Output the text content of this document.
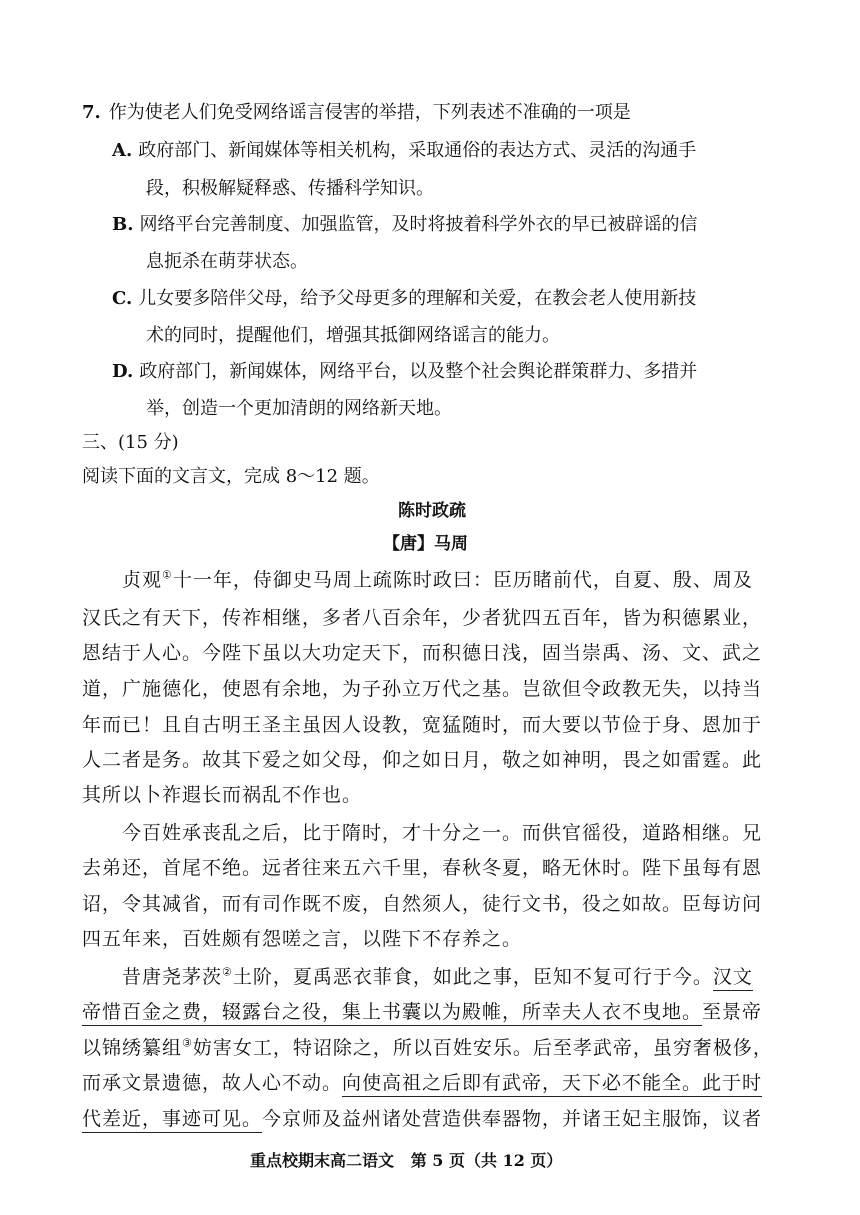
7. 作为使老人们免受网络谣言侵害的举措，下列表述不准确的一项是
A. 政府部门、新闻媒体等相关机构，采取通俗的表达方式、灵活的沟通手
段，积极解疑释惑、传播科学知识。
B. 网络平台完善制度、加强监管，及时将披着科学外衣的早已被辟谣的信
息扼杀在萌芽状态。
C. 儿女要多陪伴父母，给予父母更多的理解和关爱，在教会老人使用新技
术的同时，提醒他们，增强其抵御网络谣言的能力。
D. 政府部门，新闻媒体，网络平台，以及整个社会舆论群策群力、多措并
举，创造一个更加清朗的网络新天地。
三、(15 分)
阅读下面的文言文，完成 8～12 题。
陈时政疏
【唐】马周
贞观①十一年，侍御史马周上疏陈时政曰：臣历睹前代，自夏、殷、周及
汉氏之有天下，传祚相继，多者八百余年，少者犹四五百年，皆为积德累业，
恩结于人心。今陛下虽以大功定天下，而积德日浅，固当崇禹、汤、文、武之
道，广施德化，使恩有余地，为子孙立万代之基。岂欲但令政教无失，以持当
年而已！且自古明王圣主虽因人设教，宽猛随时，而大要以节俭于身、恩加于
人二者是务。故其下爱之如父母，仰之如日月，敬之如神明，畏之如雷霆。此
其所以卜祚遐长而祸乱不作也。
今百姓承丧乱之后，比于隋时，才十分之一。而供官徭役，道路相继。兄
去弟还，首尾不绝。远者往来五六千里，春秋冬夏，略无休时。陛下虽每有恩
诏，令其减省，而有司作既不废，自然须人，徒行文书，役之如故。臣每访问
四五年来，百姓颇有怨嗟之言，以陛下不存养之。
昔唐尧茅茨②土阶，夏禹恶衣菲食，如此之事，臣知不复可行于今。汉文
帝惜百金之费，辍露台之役，集上书囊以为殿帷，所幸夫人衣不曳地。至景帝
以锦绣纂组③妨害女工，特诏除之，所以百姓安乐。后至孝武帝，虽穷奢极侈，
而承文景遗德，故人心不动。向使高祖之后即有武帝，天下必不能全。此于时
代差近，事迹可见。今京师及益州诸处营造供奉器物，并诸王妃主服饰，议者
重点校期末高二语文   第 5 页（共 12 页）
